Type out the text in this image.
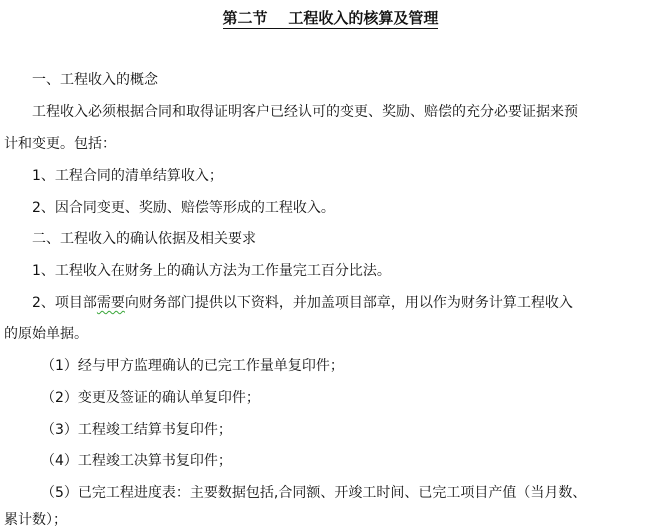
第二节    工程收入的核算及管理
一、工程收入的概念
工程收入必须根据合同和取得证明客户已经认可的变更、奖励、赔偿的充分必要证据来预
计和变更。包括：
1、工程合同的清单结算收入；
2、因合同变更、奖励、赔偿等形成的工程收入。
二、工程收入的确认依据及相关要求
1、工程收入在财务上的确认方法为工作量完工百分比法。
2、项目部需要向财务部门提供以下资料，并加盖项目部章，用以作为财务计算工程收入
的原始单据。
（1）经与甲方监理确认的已完工作量单复印件；
（2）变更及签证的确认单复印件；
（3）工程竣工结算书复印件；
（4）工程竣工决算书复印件；
（5）已完工程进度表：主要数据包括,合同额、开竣工时间、已完工项目产值（当月数、
累计数）；
